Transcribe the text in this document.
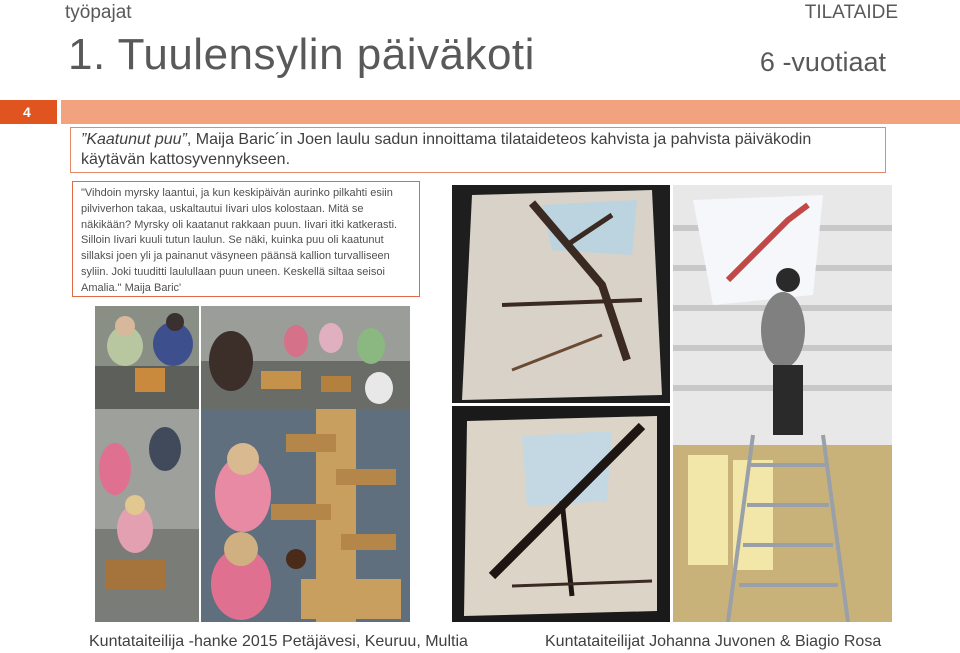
työpajat	TILATAIDE
1. Tuulensylin päiväkoti	6 -vuotiaat
4
”Kaatunut puu”, Maija Baric´in Joen laulu sadun innoittama tilataideteos kahvista ja pahvista päiväkodin käytävän kattosyvennykseen.
"Vihdoin myrsky laantui, ja kun keskipäivän aurinko pilkahti esiin pilviverhon takaa, uskaltautui Iivari ulos kolostaan. Mitä se näkikään? Myrsky oli kaatanut rakkaan puun. Iivari itki katkerasti. Silloin Iivari kuuli tutun laulun. Se näki, kuinka puu oli kaatunut sillaksi joen yli ja painanut väsyneen päänsä kallion turvalliseen syliin. Joki tuuditti laulullaan puun uneen. Keskellä siltaa seisoi Amalia." Maija Baric'
Kuntataiteilija -hanke 2015 Petäjävesi, Keuruu, Multia	Kuntataiteilijat Johanna Juvonen & Biagio Rosa
